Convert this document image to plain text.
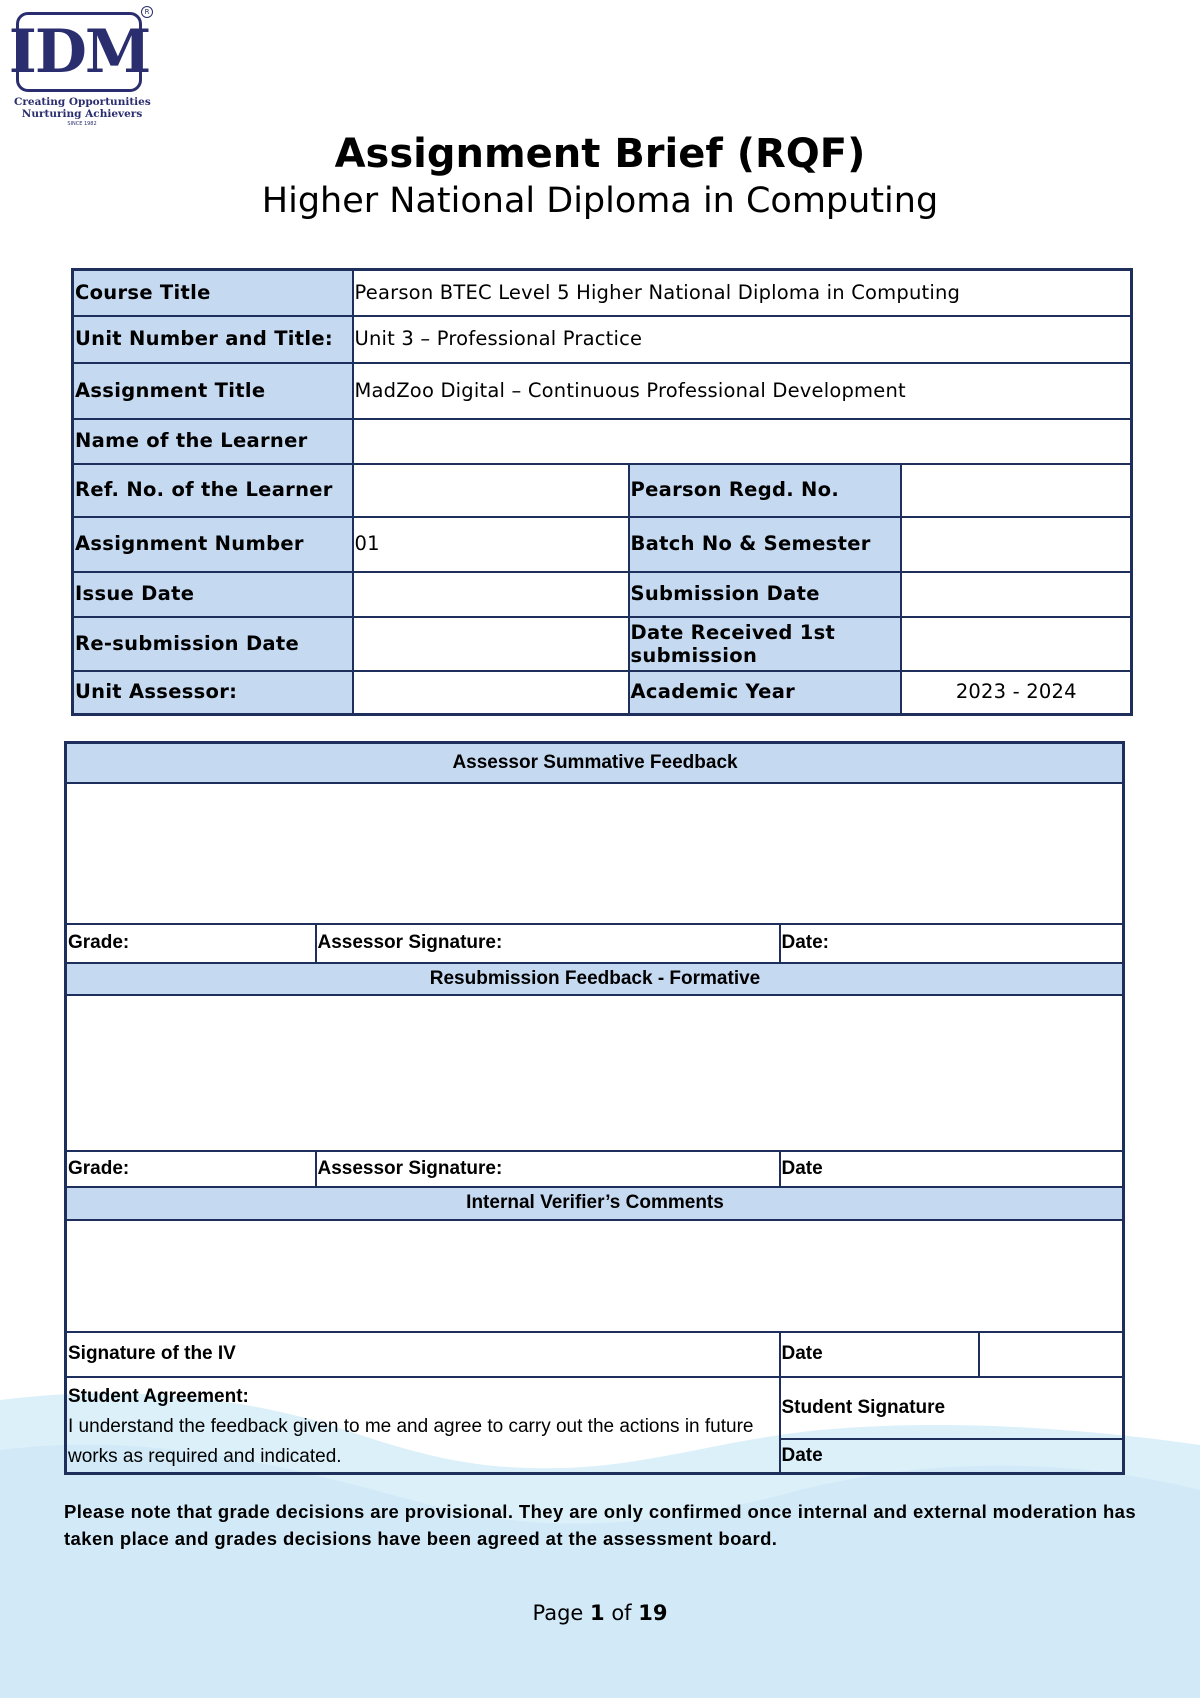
IDM
R
Creating Opportunities
Nurturing Achievers
SINCE 1982
Assignment Brief (RQF)
Higher National Diploma in Computing
Course Title	Pearson BTEC Level 5 Higher National Diploma in Computing		
Unit Number and Title:	Unit 3 – Professional Practice		
Assignment Title	MadZoo Digital – Continuous Professional Development		
Name of the Learner			
Ref. No. of the Learner		Pearson Regd. No.	
Assignment Number	01	Batch No & Semester	
Issue Date		Submission Date	
Re-submission Date		Date Received 1st submission	
Unit Assessor:		Academic Year	2023 - 2024
Assessor Summative Feedback			

Grade:	Assessor Signature:	Date:	
Resubmission Feedback - Formative			

Grade:	Assessor Signature:	Date	
Internal Verifier’s Comments			

Signature of the IV		Date	
Student Agreement:
I understand the feedback given to me and agree to carry out the actions in future works as required and indicated.		Student Signature	
		Date	
Please note that grade decisions are provisional. They are only confirmed once internal and external moderation has taken place and grades decisions have been agreed at the assessment board.
Page 1 of 19
